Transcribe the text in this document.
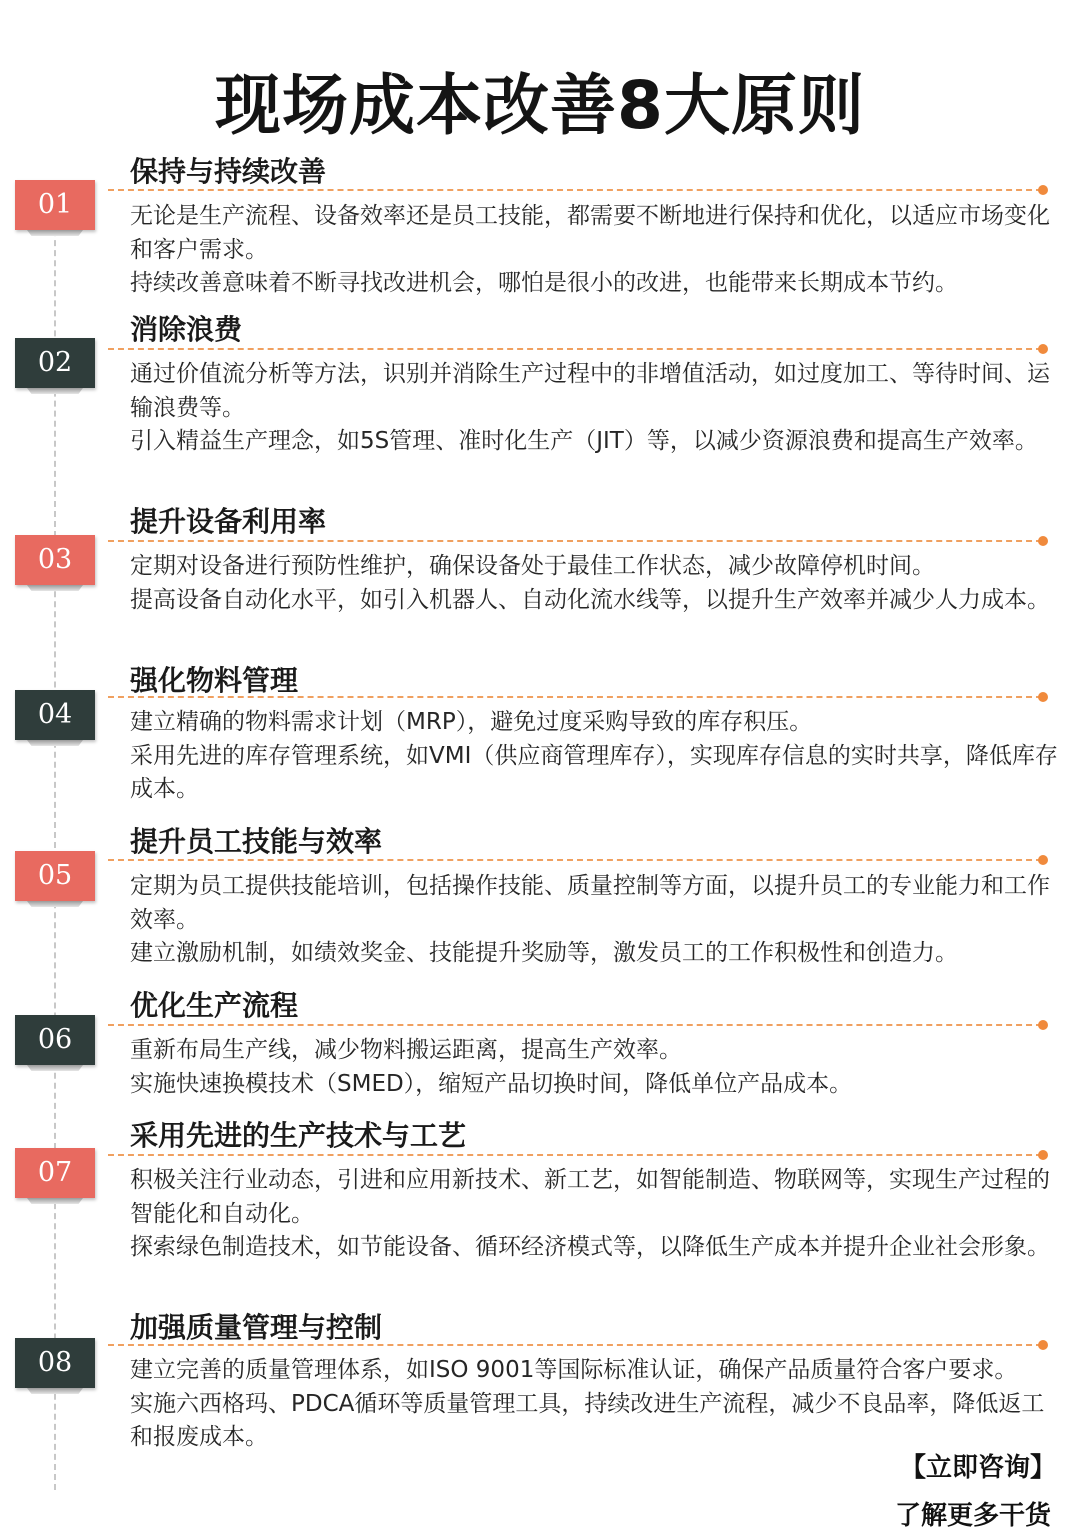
现场成本改善8大原则
保持与持续改善
01	无论是生产流程、设备效率还是员工技能，都需要不断地进行保持和优化，以适应市场变化和客户需求。

持续改善意味着不断寻找改进机会，哪怕是很小的改进，也能带来长期成本节约。

消除浪费
02	通过价值流分析等方法，识别并消除生产过程中的非增值活动，如过度加工、等待时间、运输浪费等。

引入精益生产理念，如5S管理、准时化生产（JIT）等，以减少资源浪费和提高生产效率。

提升设备利用率
03	定期对设备进行预防性维护，确保设备处于最佳工作状态，减少故障停机时间。

提高设备自动化水平，如引入机器人、自动化流水线等，以提升生产效率并减少人力成本。

强化物料管理
04	建立精确的物料需求计划（MRP），避免过度采购导致的库存积压。

采用先进的库存管理系统，如VMI（供应商管理库存），实现库存信息的实时共享，降低库存成本。

提升员工技能与效率
05	定期为员工提供技能培训，包括操作技能、质量控制等方面，以提升员工的专业能力和工作效率。

建立激励机制，如绩效奖金、技能提升奖励等，激发员工的工作积极性和创造力。

优化生产流程
06	重新布局生产线，减少物料搬运距离，提高生产效率。

实施快速换模技术（SMED），缩短产品切换时间，降低单位产品成本。

采用先进的生产技术与工艺
07	积极关注行业动态，引进和应用新技术、新工艺，如智能制造、物联网等，实现生产过程的智能化和自动化。

探索绿色制造技术，如节能设备、循环经济模式等，以降低生产成本并提升企业社会形象。

加强质量管理与控制
08	建立完善的质量管理体系，如ISO 9001等国际标准认证，确保产品质量符合客户要求。

实施六西格玛、PDCA循环等质量管理工具，持续改进生产流程，减少不良品率，降低返工和报废成本。

【立即咨询】
了解更多干货
